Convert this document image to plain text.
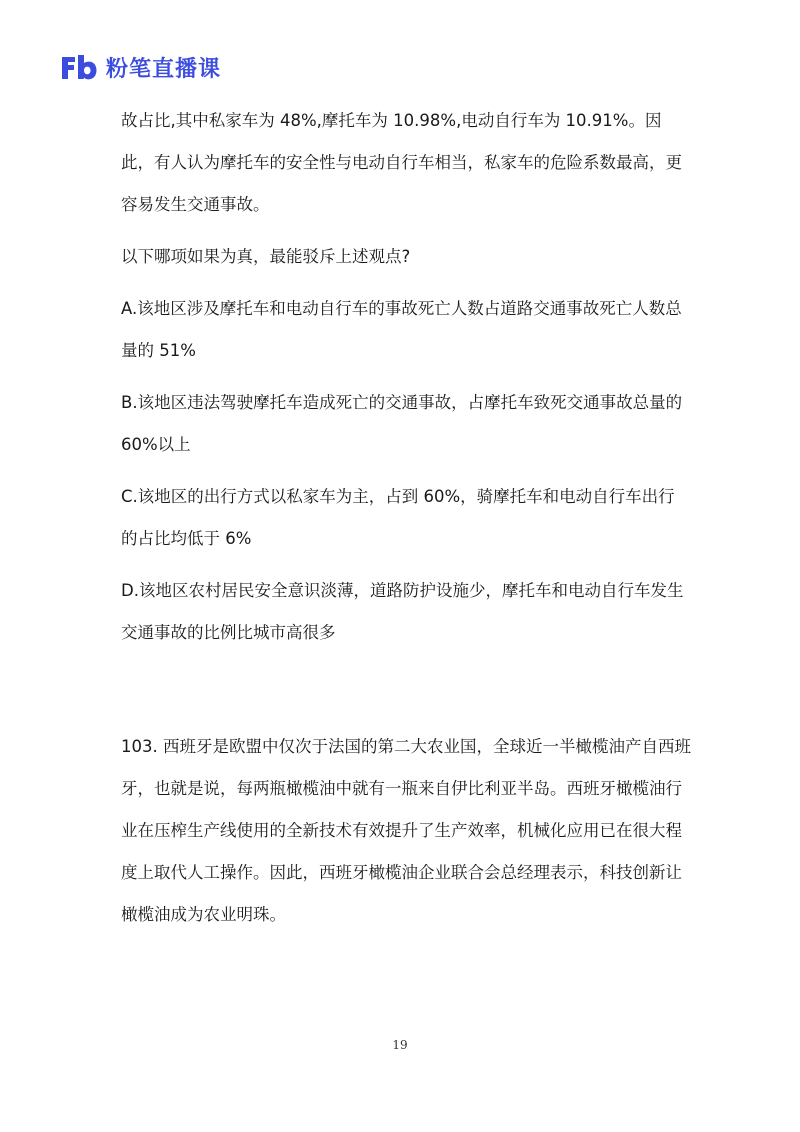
粉笔直播课

故占比,其中私家车为 48%,摩托车为 10.98%,电动自行车为 10.91%。因此，有人认为摩托车的安全性与电动自行车相当，私家车的危险系数最高，更容易发生交通事故。

以下哪项如果为真，最能驳斥上述观点?

A.该地区涉及摩托车和电动自行车的事故死亡人数占道路交通事故死亡人数总量的 51%

B.该地区违法驾驶摩托车造成死亡的交通事故，占摩托车致死交通事故总量的 60%以上

C.该地区的出行方式以私家车为主，占到 60%，骑摩托车和电动自行车出行的占比均低于 6%

D.该地区农村居民安全意识淡薄，道路防护设施少，摩托车和电动自行车发生交通事故的比例比城市高很多

103. 西班牙是欧盟中仅次于法国的第二大农业国，全球近一半橄榄油产自西班牙，也就是说，每两瓶橄榄油中就有一瓶来自伊比利亚半岛。西班牙橄榄油行业在压榨生产线使用的全新技术有效提升了生产效率，机械化应用已在很大程度上取代人工操作。因此，西班牙橄榄油企业联合会总经理表示，科技创新让橄榄油成为农业明珠。

19
